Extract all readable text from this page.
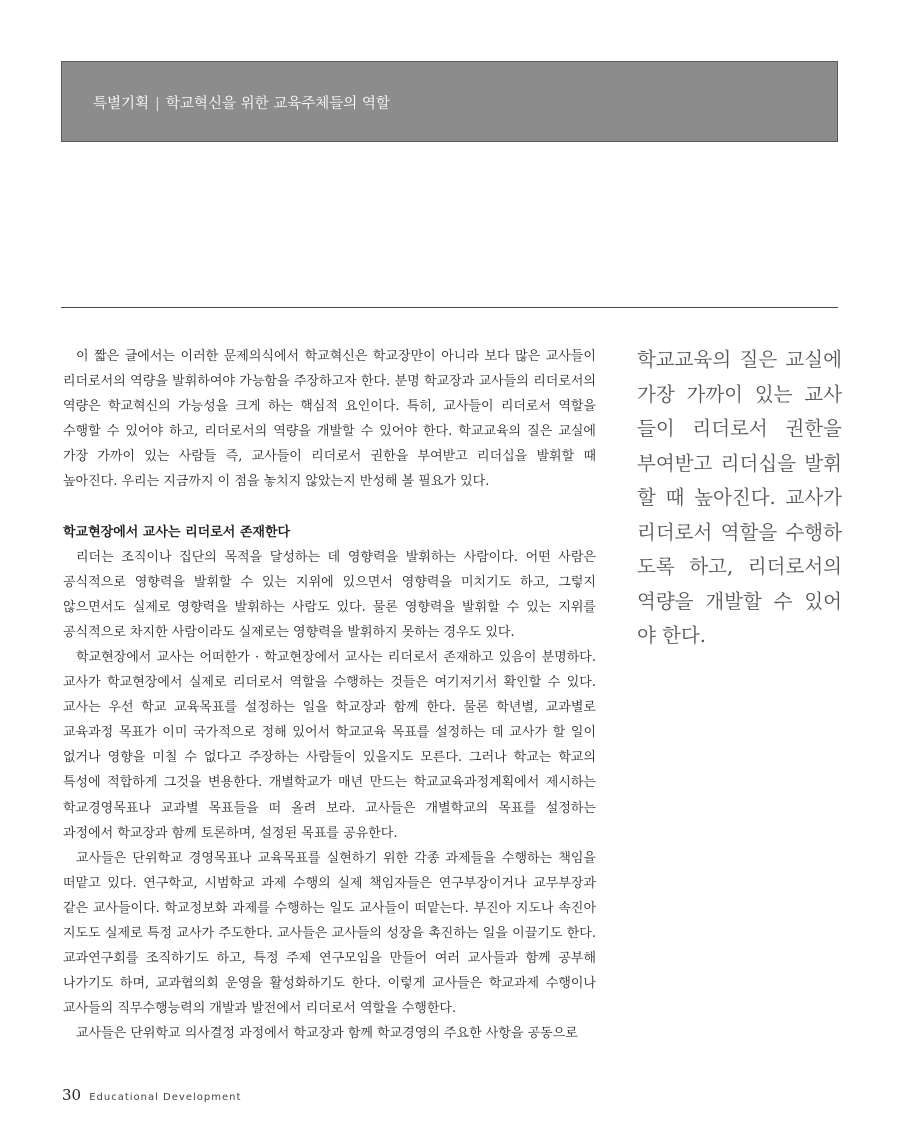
특별기획 | 학교혁신을 위한 교육주체들의 역할

이 짧은 글에서는 이러한 문제의식에서 학교혁신은 학교장만이 아니라 보다 많은 교사들이 리더로서의 역량을 발휘하여야 가능함을 주장하고자 한다. 분명 학교장과 교사들의 리더로서의 역량은 학교혁신의 가능성을 크게 하는 핵심적 요인이다. 특히, 교사들이 리더로서 역할을 수행할 수 있어야 하고, 리더로서의 역량을 개발할 수 있어야 한다. 학교교육의 질은 교실에 가장 가까이 있는 사람들 즉, 교사들이 리더로서 권한을 부여받고 리더십을 발휘할 때 높아진다. 우리는 지금까지 이 점을 놓치지 않았는지 반성해 볼 필요가 있다.

학교현장에서 교사는 리더로서 존재한다

리더는 조직이나 집단의 목적을 달성하는 데 영향력을 발휘하는 사람이다. 어떤 사람은 공식적으로 영향력을 발휘할 수 있는 지위에 있으면서 영향력을 미치기도 하고, 그렇지 않으면서도 실제로 영향력을 발휘하는 사람도 있다. 물론 영향력을 발휘할 수 있는 지위를 공식적으로 차지한 사람이라도 실제로는 영향력을 발휘하지 못하는 경우도 있다.

학교현장에서 교사는 어떠한가 · 학교현장에서 교사는 리더로서 존재하고 있음이 분명하다. 교사가 학교현장에서 실제로 리더로서 역할을 수행하는 것들은 여기저기서 확인할 수 있다. 교사는 우선 학교 교육목표를 설정하는 일을 학교장과 함께 한다. 물론 학년별, 교과별로 교육과정 목표가 이미 국가적으로 정해 있어서 학교교육 목표를 설정하는 데 교사가 할 일이 없거나 영향을 미칠 수 없다고 주장하는 사람들이 있을지도 모른다. 그러나 학교는 학교의 특성에 적합하게 그것을 변용한다. 개별학교가 매년 만드는 학교교육과정계획에서 제시하는 학교경영목표나 교과별 목표들을 떠 올려 보라. 교사들은 개별학교의 목표를 설정하는 과정에서 학교장과 함께 토론하며, 설정된 목표를 공유한다.

교사들은 단위학교 경영목표나 교육목표를 실현하기 위한 각종 과제들을 수행하는 책임을 떠맡고 있다. 연구학교, 시범학교 과제 수행의 실제 책임자들은 연구부장이거나 교무부장과 같은 교사들이다. 학교정보화 과제를 수행하는 일도 교사들이 떠맡는다. 부진아 지도나 속진아 지도도 실제로 특정 교사가 주도한다. 교사들은 교사들의 성장을 촉진하는 일을 이끌기도 한다. 교과연구회를 조직하기도 하고, 특정 주제 연구모임을 만들어 여러 교사들과 함께 공부해 나가기도 하며, 교과협의회 운영을 활성화하기도 한다. 이렇게 교사들은 학교과제 수행이나 교사들의 직무수행능력의 개발과 발전에서 리더로서 역할을 수행한다.

교사들은 단위학교 의사결정 과정에서 학교장과 함께 학교경영의 주요한 사항을 공동으로

학교교육의 질은 교실에 가장 가까이 있는 교사들이 리더로서 권한을 부여받고 리더십을 발휘할 때 높아진다. 교사가 리더로서 역할을 수행하도록 하고, 리더로서의 역량을 개발할 수 있어야 한다.
30 Educational Development
